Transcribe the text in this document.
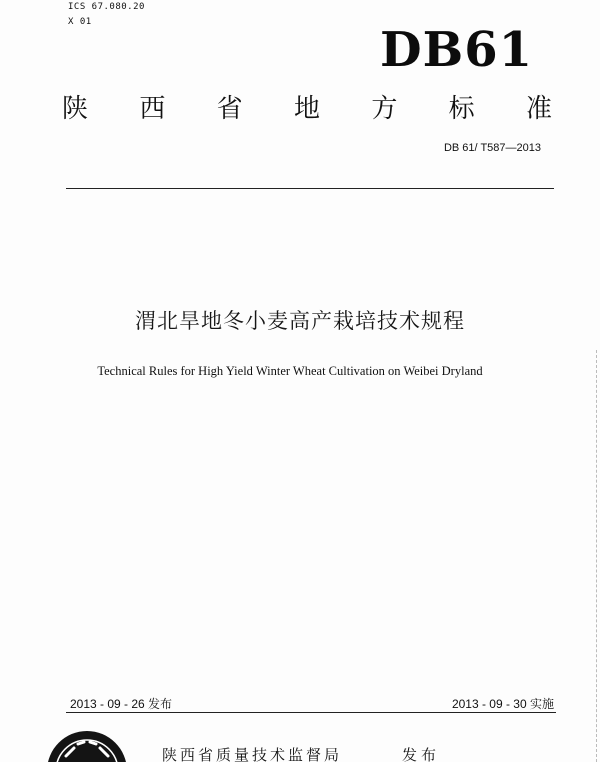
ICS 67.080.20
X 01	DB61
陕 西 省 地 方 标 准
DB 61/ T587—2013
渭北旱地冬小麦高产栽培技术规程
Technical Rules for High Yield Winter Wheat Cultivation on Weibei Dryland
2013 - 09 - 26 发布	2013 - 09 - 30 实施
陕西省质量技术监督局	发布
